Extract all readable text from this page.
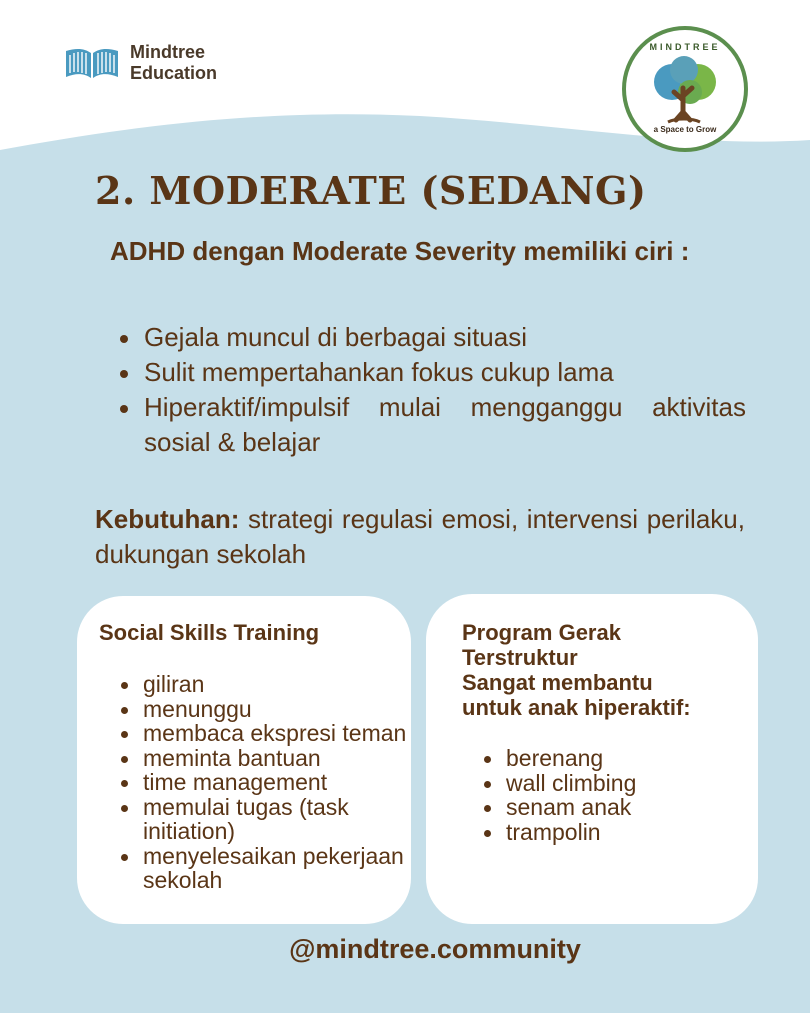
Mindtree
Education
MINDTREE
a Space to Grow
2. MODERATE (SEDANG)
ADHD dengan Moderate Severity memiliki ciri :
Gejala muncul di berbagai situasi
Sulit mempertahankan fokus cukup lama
Hiperaktif/impulsif mulai mengganggu aktivitas sosial & belajar
Kebutuhan: strategi regulasi emosi, intervensi perilaku, dukungan sekolah
Social Skills Training
giliran
menunggu
membaca ekspresi teman
meminta bantuan
time management
memulai tugas (task initiation)
menyelesaikan pekerjaan sekolah
Program Gerak
Terstruktur
Sangat membantu
untuk anak hiperaktif:
berenang
wall climbing
senam anak
trampolin
@mindtree.community
